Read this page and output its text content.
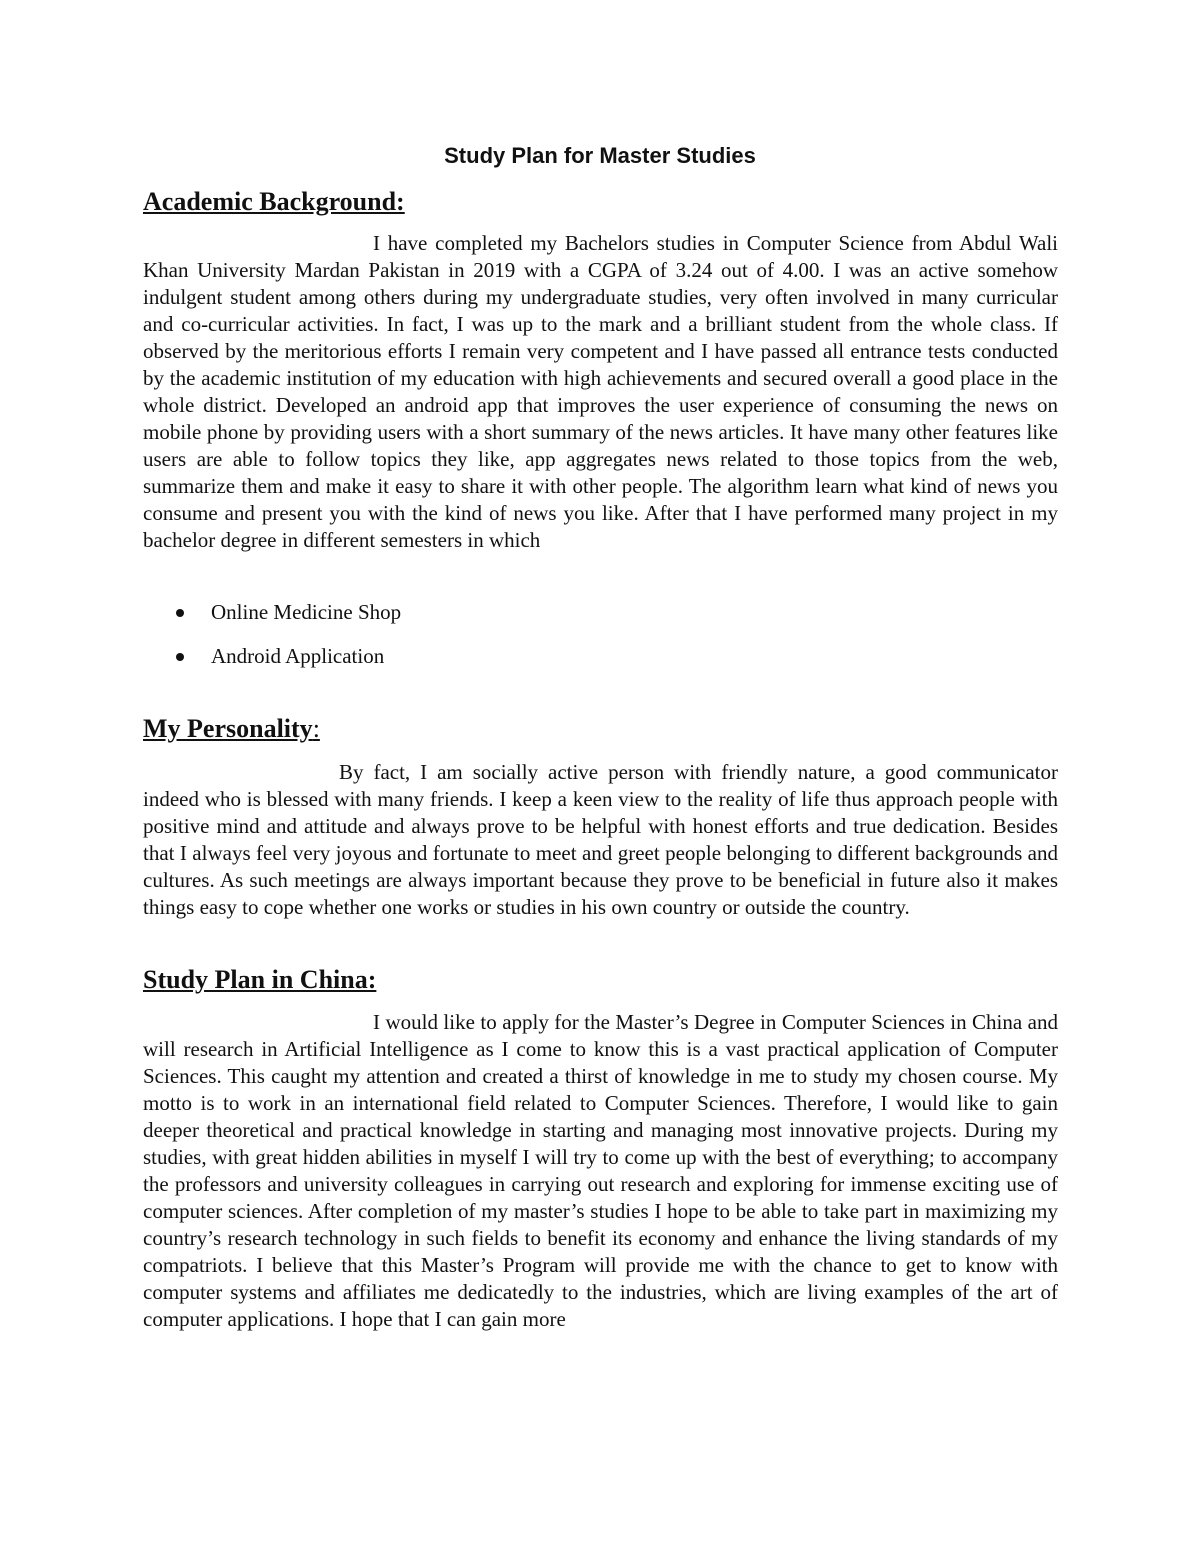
Study Plan for Master Studies
Academic Background:

I have completed my Bachelors studies in Computer Science from Abdul Wali Khan University Mardan Pakistan in 2019 with a CGPA of 3.24 out of 4.00. I was an active somehow indulgent student among others during my undergraduate studies, very often involved in many curricular and co-curricular activities. In fact, I was up to the mark and a brilliant student from the whole class. If observed by the meritorious efforts I remain very competent and I have passed all entrance tests conducted by the academic institution of my education with high achievements and secured overall a good place in the whole district. Developed an android app that improves the user experience of consuming the news on mobile phone by providing users with a short summary of the news articles. It have many other features like users are able to follow topics they like, app aggregates news related to those topics from the web, summarize them and make it easy to share it with other people. The algorithm learn what kind of news you consume and present you with the kind of news you like. After that I have performed many project in my bachelor degree in different semesters in which

Online Medicine Shop
Android Application
My Personality:

By fact, I am socially active person with friendly nature, a good communicator indeed who is blessed with many friends. I keep a keen view to the reality of life thus approach people with positive mind and attitude and always prove to be helpful with honest efforts and true dedication. Besides that I always feel very joyous and fortunate to meet and greet people belonging to different backgrounds and cultures. As such meetings are always important because they prove to be beneficial in future also it makes things easy to cope whether one works or studies in his own country or outside the country.

Study Plan in China:

I would like to apply for the Master’s Degree in Computer Sciences in China and will research in Artificial Intelligence as I come to know this is a vast practical application of Computer Sciences. This caught my attention and created a thirst of knowledge in me to study my chosen course. My motto is to work in an international field related to Computer Sciences. Therefore, I would like to gain deeper theoretical and practical knowledge in starting and managing most innovative projects. During my studies, with great hidden abilities in myself I will try to come up with the best of everything; to accompany the professors and university colleagues in carrying out research and exploring for immense exciting use of computer sciences. After completion of my master’s studies I hope to be able to take part in maximizing my country’s research technology in such fields to benefit its economy and enhance the living standards of my compatriots. I believe that this Master’s Program will provide me with the chance to get to know with computer systems and affiliates me dedicatedly to the industries, which are living examples of the art of computer applications. I hope that I can gain more
